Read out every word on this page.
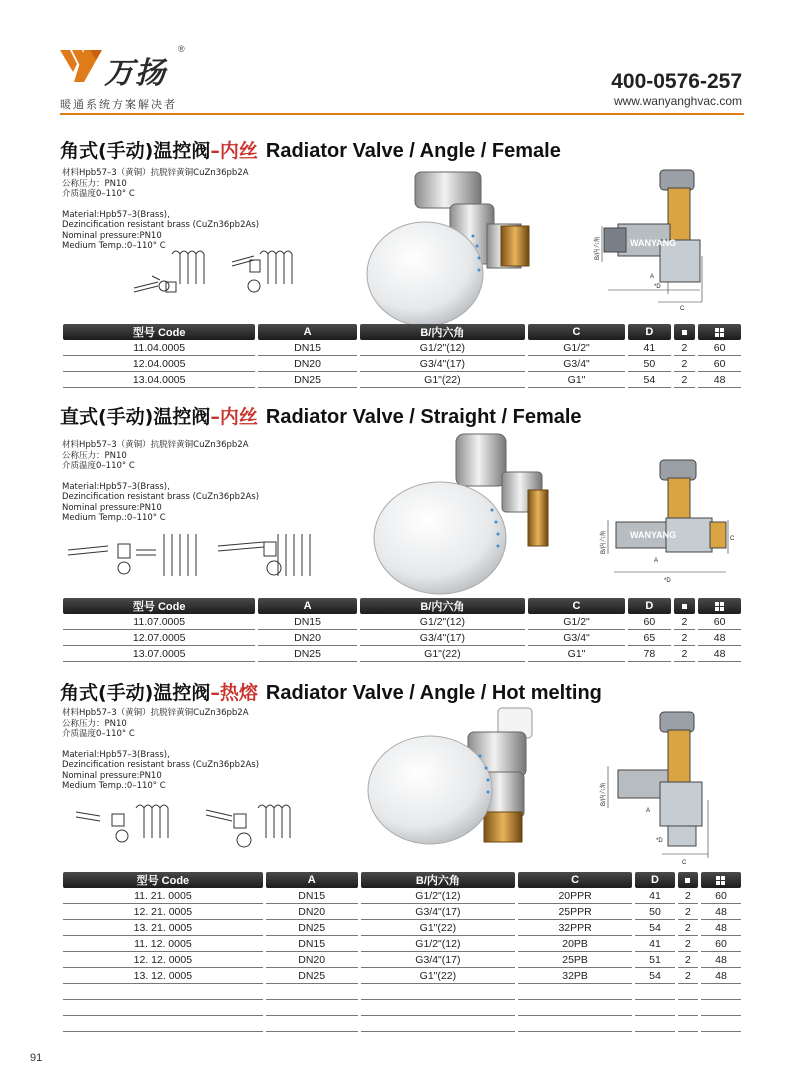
万扬
®
暖通系统方案解决者
400-0576-257
www.wanyanghvac.com
角式(手动)温控阀–内丝 Radiator Valve / Angle / Female
材料Hpb57–3（黄铜）抗脱锌黄铜CuZn36pb2A
公称压力：PN10
介质温度0–110° C
Material:Hpb57–3(Brass),
Dezincification resistant brass (CuZn36pb2As)
Nominal pressure:PN10
Medium Temp.:0–110° C	WANYANG
B/内六角
A
*D
C
型号 Code	A	B/内六角	C	D		
11.04.0005	DN15	G1/2"(12)	G1/2"	41	2	60
12.04.0005	DN20	G3/4"(17)	G3/4"	50	2	60
13.04.0005	DN25	G1"(22)	G1"	54	2	48
直式(手动)温控阀–内丝 Radiator Valve / Straight / Female
材料Hpb57–3（黄铜）抗脱锌黄铜CuZn36pb2A
公称压力：PN10
介质温度0–110° C
Material:Hpb57–3(Brass),
Dezincification resistant brass (CuZn36pb2As)
Nominal pressure:PN10
Medium Temp.:0–110° C
WANYANG
B/内六角
A
*D
C
型号 Code	A	B/内六角	C	D		
11.07.0005	DN15	G1/2"(12)	G1/2"	60	2	60
12.07.0005	DN20	G3/4"(17)	G3/4"	65	2	48
13.07.0005	DN25	G1"(22)	G1"	78	2	48
角式(手动)温控阀–热熔 Radiator Valve / Angle / Hot melting
材料Hpb57–3（黄铜）抗脱锌黄铜CuZn36pb2A
公称压力：PN10
介质温度0–110° C
Material:Hpb57–3(Brass),
Dezincification resistant brass (CuZn36pb2As)
Nominal pressure:PN10
Medium Temp.:0–110° C	B/内六角
A
*D
C
型号 Code	A	B/内六角	C	D		
11. 21. 0005	DN15	G1/2"(12)	20PPR	41	2	60
12. 21. 0005	DN20	G3/4"(17)	25PPR	50	2	48
13. 21. 0005	DN25	G1"(22)	32PPR	54	2	48
11. 12. 0005	DN15	G1/2"(12)	20PB	41	2	60
12. 12. 0005	DN20	G3/4"(17)	25PB	51	2	48
13. 12. 0005	DN25	G1"(22)	32PB	54	2	48

91
